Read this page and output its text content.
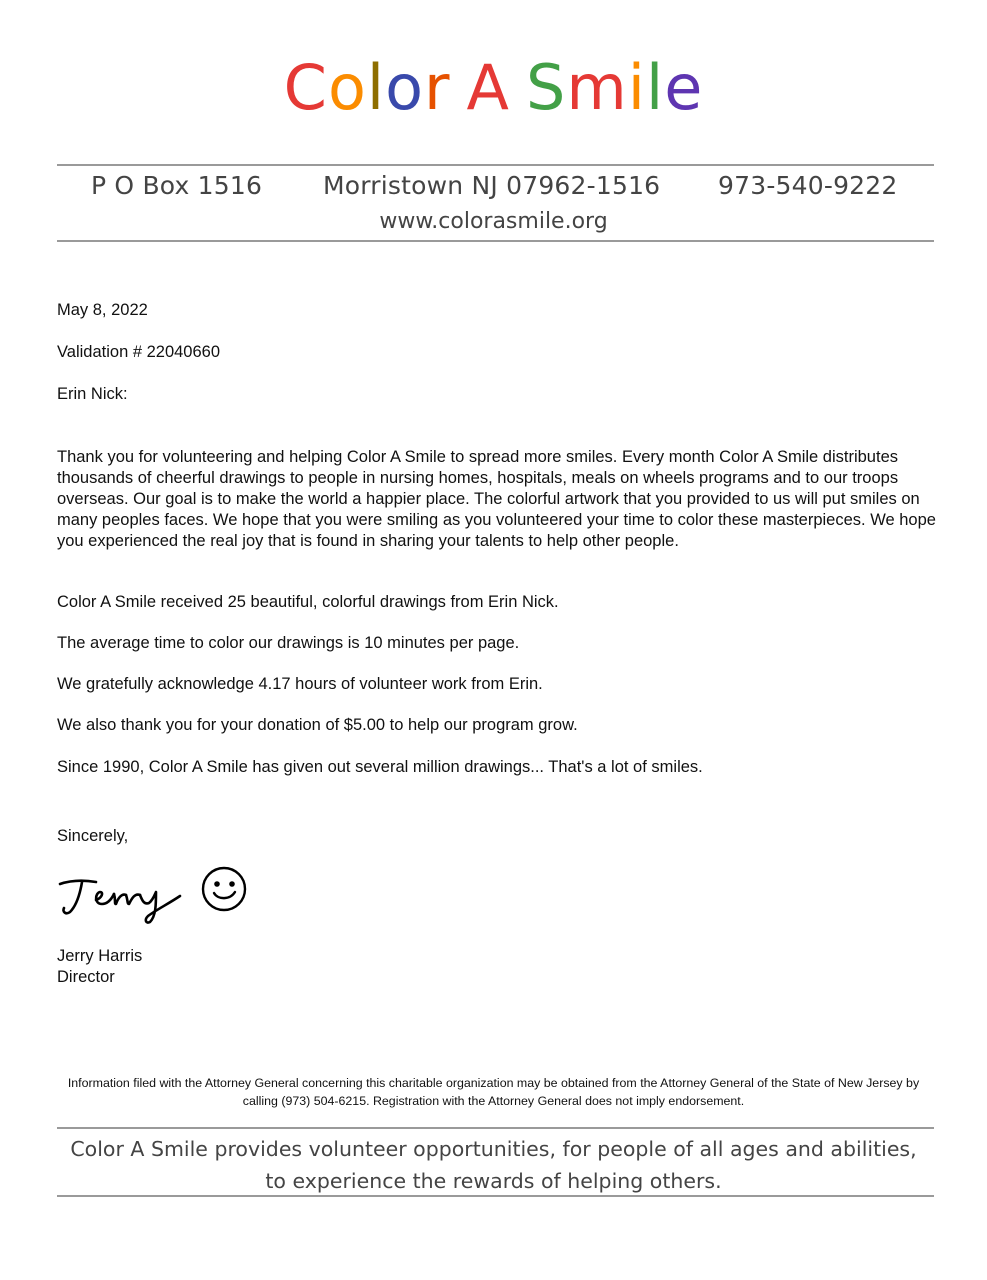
Color A Smile
P O Box 1516 Morristown NJ 07962-1516 973-540-9222
www.colorasmile.org
May 8, 2022
Validation # 22040660
Erin Nick:
Thank you for volunteering and helping Color A Smile to spread more smiles. Every month Color A Smile distributes thousands of cheerful drawings to people in nursing homes, hospitals, meals on wheels programs and to our troops overseas. Our goal is to make the world a happier place. The colorful artwork that you provided to us will put smiles on many peoples faces. We hope that you were smiling as you volunteered your time to color these masterpieces. We hope you experienced the real joy that is found in sharing your talents to help other people.
Color A Smile received 25 beautiful, colorful drawings from Erin Nick.
The average time to color our drawings is 10 minutes per page.
We gratefully acknowledge 4.17 hours of volunteer work from Erin.
We also thank you for your donation of $5.00 to help our program grow.
Since 1990, Color A Smile has given out several million drawings... That's a lot of smiles.
Sincerely,
Jerry Harris
Director
Information filed with the Attorney General concerning this charitable organization may be obtained from the Attorney General of the State of New Jersey by calling (973) 504-6215. Registration with the Attorney General does not imply endorsement.
Color A Smile provides volunteer opportunities, for people of all ages and abilities,
to experience the rewards of helping others.
